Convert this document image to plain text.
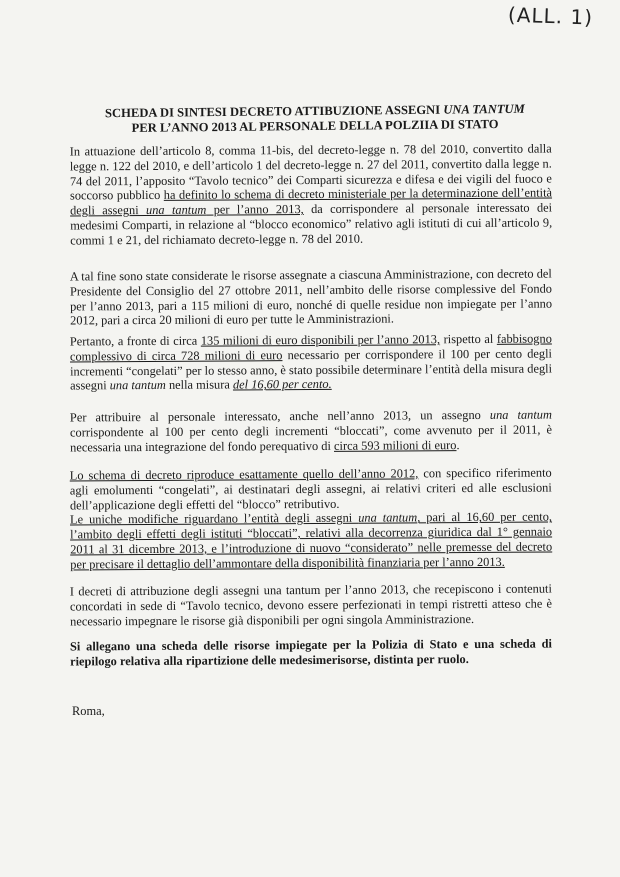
(ALL. 1)
SCHEDA DI SINTESI DECRETO ATTIBUZIONE ASSEGNI UNA TANTUM
PER L’ANNO 2013 AL PERSONALE DELLA POLZIIA DI STATO
In attuazione dell’articolo 8, comma 11-bis, del decreto-legge n. 78 del 2010, convertito dalla legge n. 122 del 2010, e dell’articolo 1 del decreto-legge n. 27 del 2011, convertito dalla legge n. 74 del 2011, l’apposito “Tavolo tecnico” dei Comparti sicurezza e difesa e dei vigili del fuoco e soccorso pubblico ha definito lo schema di decreto ministeriale per la determinazione dell’entità degli assegni una tantum per l’anno 2013, da corrispondere al personale interessato dei medesimi Comparti, in relazione al “blocco economico” relativo agli istituti di cui all’articolo 9, commi 1 e 21, del richiamato decreto-legge n. 78 del 2010.
A tal fine sono state considerate le risorse assegnate a ciascuna Amministrazione, con decreto del Presidente del Consiglio del 27 ottobre 2011, nell’ambito delle risorse complessive del Fondo per l’anno 2013, pari a 115 milioni di euro, nonché di quelle residue non impiegate per l’anno 2012, pari a circa 20 milioni di euro per tutte le Amministrazioni.
Pertanto, a fronte di circa 135 milioni di euro disponibili per l’anno 2013, rispetto al fabbisogno complessivo di circa 728 milioni di euro necessario per corrispondere il 100 per cento degli incrementi “congelati” per lo stesso anno, è stato possibile determinare l’entità della misura degli assegni una tantum nella misura del 16,60 per cento.
Per attribuire al personale interessato, anche nell’anno 2013, un assegno una tantum corrispondente al 100 per cento degli incrementi “bloccati”, come avvenuto per il 2011, è necessaria una integrazione del fondo perequativo di circa 593 milioni di euro.
Lo schema di decreto riproduce esattamente quello dell’anno 2012, con specifico riferimento agli emolumenti “congelati”, ai destinatari degli assegni, ai relativi criteri ed alle esclusioni dell’applicazione degli effetti del “blocco” retributivo.
Le uniche modifiche riguardano l’entità degli assegni una tantum, pari al 16,60 per cento, l’ambito degli effetti degli istituti “bloccati”, relativi alla decorrenza giuridica dal 1° gennaio 2011 al 31 dicembre 2013, e l’introduzione di nuovo “considerato” nelle premesse del decreto per precisare il dettaglio dell’ammontare della disponibilità finanziaria per l’anno 2013.
I decreti di attribuzione degli assegni una tantum per l’anno 2013, che recepiscono i contenuti concordati in sede di “Tavolo tecnico, devono essere perfezionati in tempi ristretti atteso che è necessario impegnare le risorse già disponibili per ogni singola Amministrazione.
Si allegano una scheda delle risorse impiegate per la Polizia di Stato e una scheda di riepilogo relativa alla ripartizione delle medesimerisorse, distinta per ruolo.
Roma,
